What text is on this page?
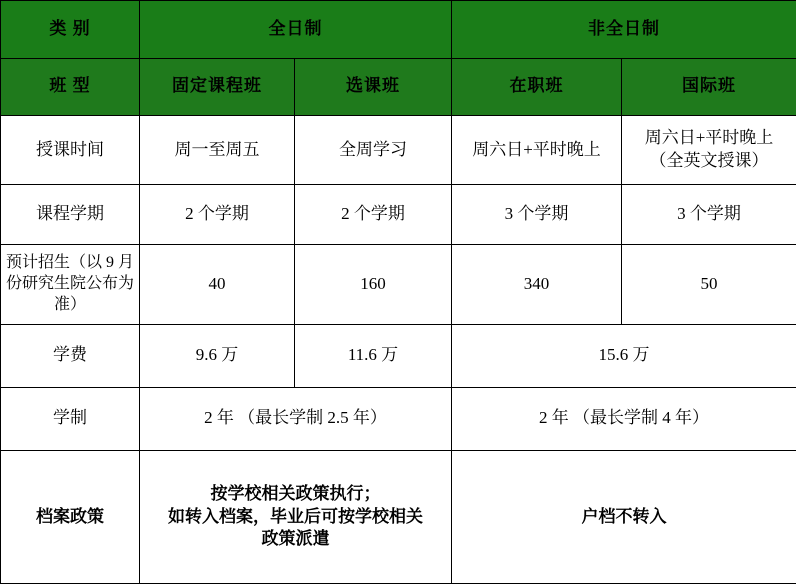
类 别	全日制		非全日制	
班 型	固定课程班	选课班	在职班	国际班
授课时间	周一至周五	全周学习	周六日+平时晚上	周六日+平时晚上
（全英文授课）

课程学期	2 个学期	2 个学期	3 个学期	3 个学期
预计招生（以 9 月份研究生院公布为准）	40	160	340	50
学费	9.6 万	11.6 万	15.6 万	
学制	2 年 （最长学制 2.5 年）		2 年 （最长学制 4 年）	
档案政策	按学校相关政策执行；
如转入档案，毕业后可按学校相关
政策派遣		户档不转入	
